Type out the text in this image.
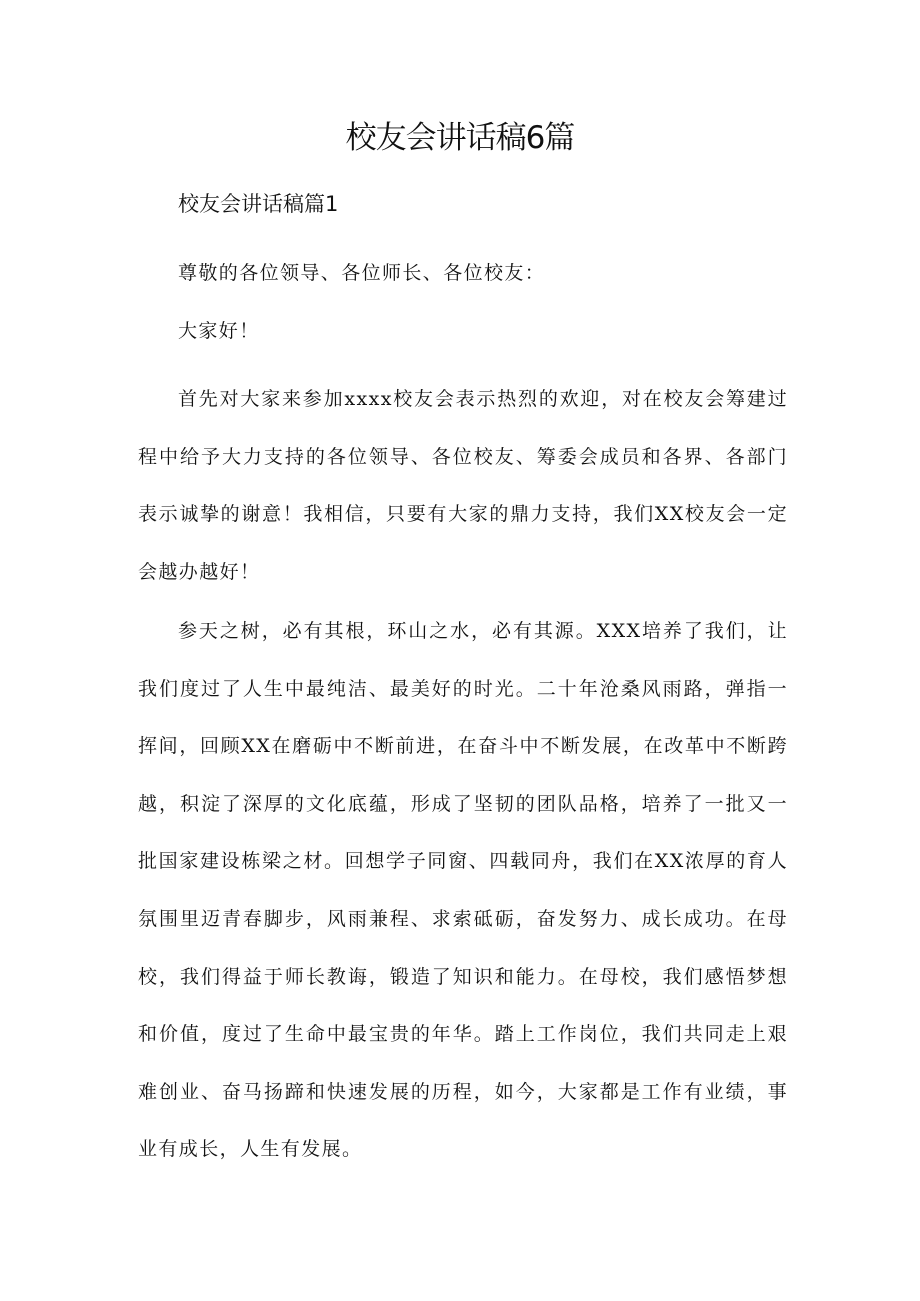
校友会讲话稿6篇
校友会讲话稿篇1

尊敬的各位领导、各位师长、各位校友：

大家好！

首先对大家来参加xxxx校友会表示热烈的欢迎，对在校友会筹建过程中给予大力支持的各位领导、各位校友、筹委会成员和各界、各部门表示诚挚的谢意！我相信，只要有大家的鼎力支持，我们XX校友会一定会越办越好！

参天之树，必有其根，环山之水，必有其源。XXX培养了我们，让我们度过了人生中最纯洁、最美好的时光。二十年沧桑风雨路，弹指一挥间，回顾XX在磨砺中不断前进，在奋斗中不断发展，在改革中不断跨越，积淀了深厚的文化底蕴，形成了坚韧的团队品格，培养了一批又一批国家建设栋梁之材。回想学子同窗、四载同舟，我们在XX浓厚的育人氛围里迈青春脚步，风雨兼程、求索砥砺，奋发努力、成长成功。在母校，我们得益于师长教诲，锻造了知识和能力。在母校，我们感悟梦想和价值，度过了生命中最宝贵的年华。踏上工作岗位，我们共同走上艰难创业、奋马扬蹄和快速发展的历程，如今，大家都是工作有业绩，事业有成长，人生有发展。
